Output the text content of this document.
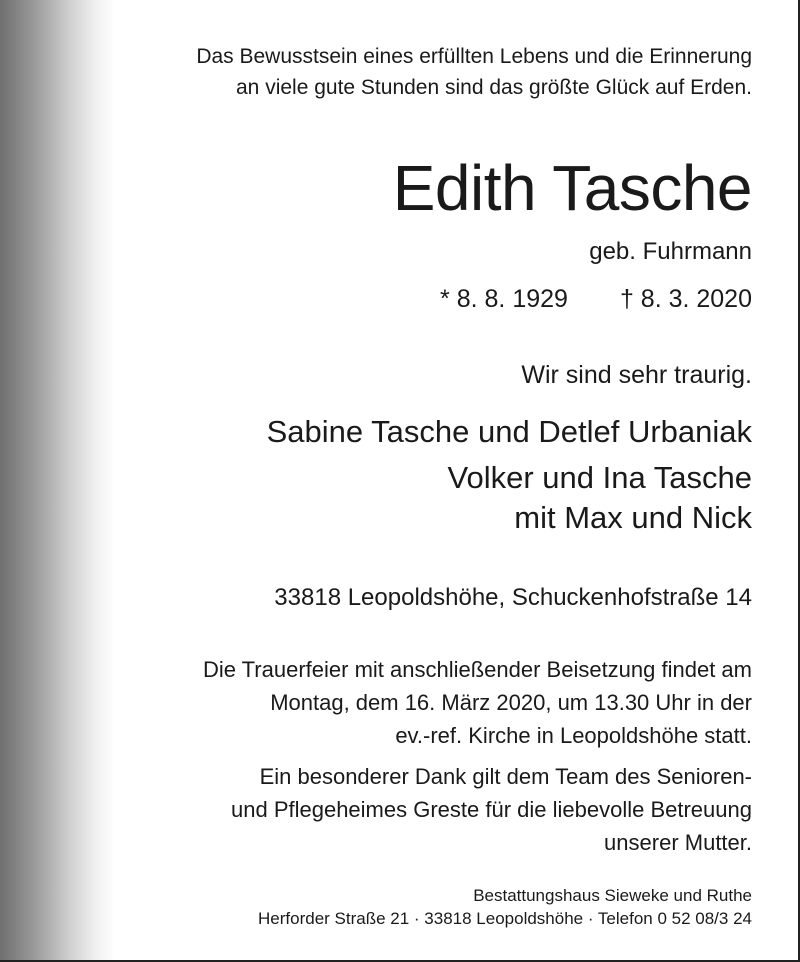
Das Bewusstsein eines erfüllten Lebens und die Erinnerung
an viele gute Stunden sind das größte Glück auf Erden.
Edith Tasche
geb. Fuhrmann
* 8. 8. 1929 † 8. 3. 2020
Wir sind sehr traurig.
Sabine Tasche und Detlef Urbaniak
Volker und Ina Tasche
mit Max und Nick
33818 Leopoldshöhe, Schuckenhofstraße 14
Die Trauerfeier mit anschließender Beisetzung findet am
Montag, dem 16. März 2020, um 13.30 Uhr in der
ev.-ref. Kirche in Leopoldshöhe statt.
Ein besonderer Dank gilt dem Team des Senioren-
und Pflegeheimes Greste für die liebevolle Betreuung
unserer Mutter.
Bestattungshaus Sieweke und Ruthe
Herforder Straße 21 · 33818 Leopoldshöhe · Telefon 0 52 08/3 24
